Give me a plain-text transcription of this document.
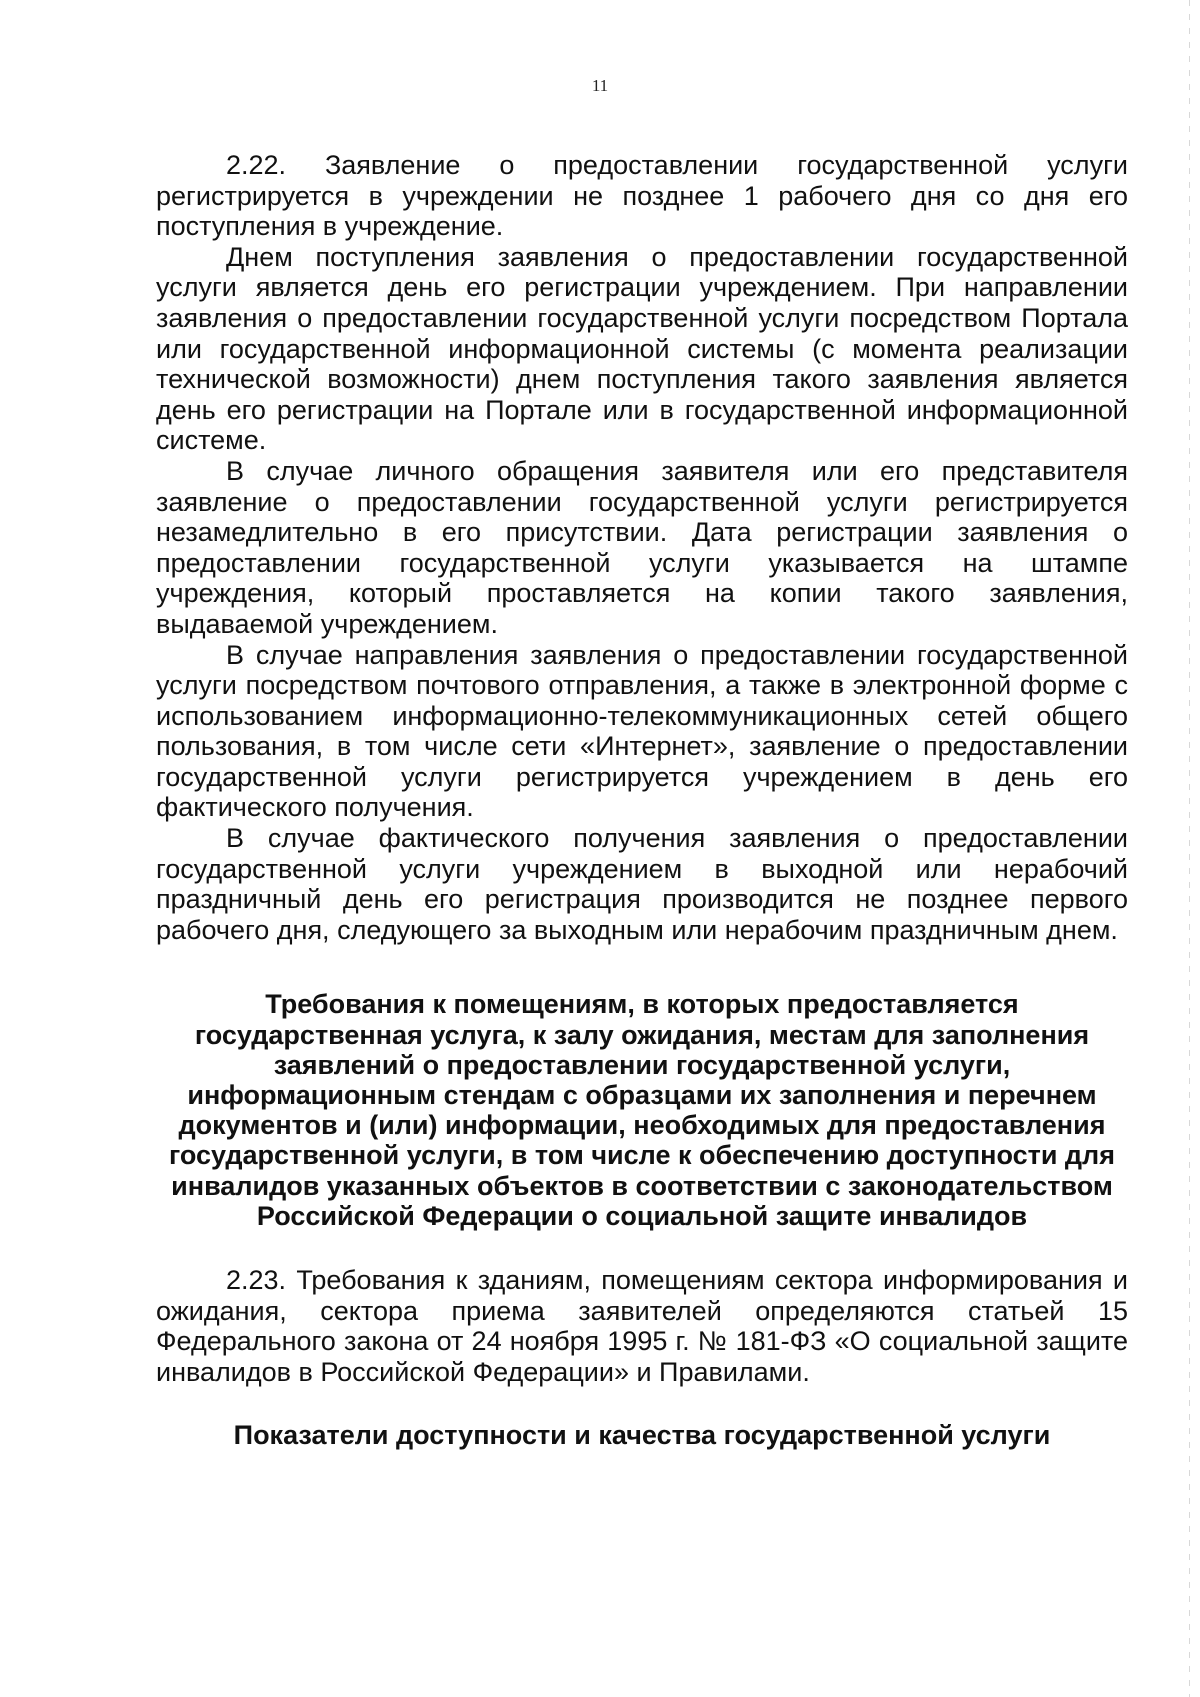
11

2.22. Заявление о предоставлении государственной услуги регистрируется в учреждении не позднее 1 рабочего дня со дня его поступления в учреждение.

Днем поступления заявления о предоставлении государственной услуги является день его регистрации учреждением. При направлении заявления о предоставлении государственной услуги посредством Портала или государственной информационной системы (с момента реализации технической возможности) днем поступления такого заявления является день его регистрации на Портале или в государственной информационной системе.

В случае личного обращения заявителя или его представителя заявление о предоставлении государственной услуги регистрируется незамедлительно в его присутствии. Дата регистрации заявления о предоставлении государственной услуги указывается на штампе учреждения, который проставляется на копии такого заявления, выдаваемой учреждением.

В случае направления заявления о предоставлении государственной услуги посредством почтового отправления, а также в электронной форме с использованием информационно-телекоммуникационных сетей общего пользования, в том числе сети «Интернет», заявление о предоставлении государственной услуги регистрируется учреждением в день его фактического получения.

В случае фактического получения заявления о предоставлении государственной услуги учреждением в выходной или нерабочий праздничный день его регистрация производится не позднее первого рабочего дня, следующего за выходным или нерабочим праздничным днем.

Требования к помещениям, в которых предоставляется государственная услуга, к залу ожидания, местам для заполнения заявлений о предоставлении государственной услуги, информационным стендам с образцами их заполнения и перечнем документов и (или) информации, необходимых для предоставления государственной услуги, в том числе к обеспечению доступности для инвалидов указанных объектов в соответствии с законодательством Российской Федерации о социальной защите инвалидов

2.23. Требования к зданиям, помещениям сектора информирования и ожидания, сектора приема заявителей определяются статьей 15 Федерального закона от 24 ноября 1995 г. № 181-ФЗ «О социальной защите инвалидов в Российской Федерации» и Правилами.

Показатели доступности и качества государственной услуги
